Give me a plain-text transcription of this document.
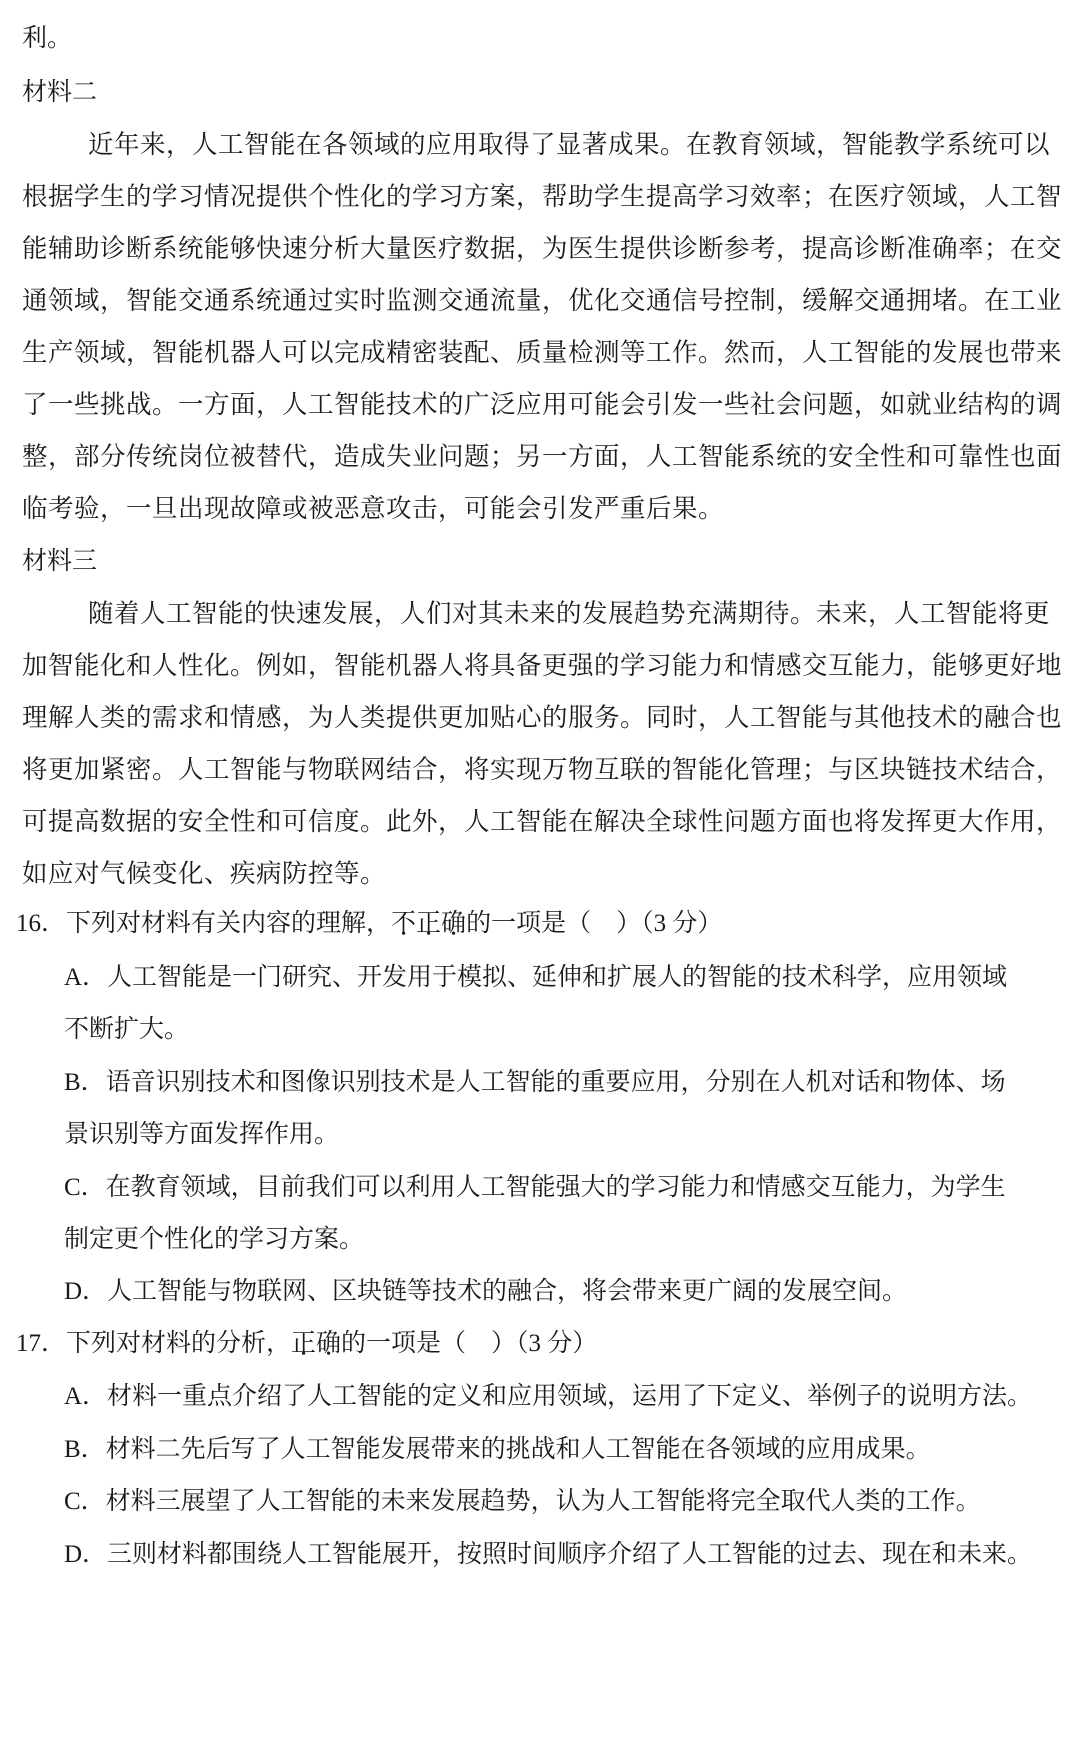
利。
材料二
近年来，人工智能在各领域的应用取得了显著成果。在教育领域，智能教学系统可以
根据学生的学习情况提供个性化的学习方案，帮助学生提高学习效率；在医疗领域，人工智
能辅助诊断系统能够快速分析大量医疗数据，为医生提供诊断参考，提高诊断准确率；在交
通领域，智能交通系统通过实时监测交通流量，优化交通信号控制，缓解交通拥堵。在工业
生产领域，智能机器人可以完成精密装配、质量检测等工作。然而，人工智能的发展也带来
了一些挑战。一方面，人工智能技术的广泛应用可能会引发一些社会问题，如就业结构的调
整，部分传统岗位被替代，造成失业问题；另一方面，人工智能系统的安全性和可靠性也面
临考验，一旦出现故障或被恶意攻击，可能会引发严重后果。
材料三
随着人工智能的快速发展，人们对其未来的发展趋势充满期待。未来，人工智能将更
加智能化和人性化。例如，智能机器人将具备更强的学习能力和情感交互能力，能够更好地
理解人类的需求和情感，为人类提供更加贴心的服务。同时，人工智能与其他技术的融合也
将更加紧密。人工智能与物联网结合，将实现万物互联的智能化管理；与区块链技术结合，
可提高数据的安全性和可信度。此外，人工智能在解决全球性问题方面也将发挥更大作用，
如应对气候变化、疾病防控等。
16．下列对材料有关内容的理解，不正确的一项是（　）（3 分）
A．人工智能是一门研究、开发用于模拟、延伸和扩展人的智能的技术科学，应用领域
不断扩大。
B．语音识别技术和图像识别技术是人工智能的重要应用，分别在人机对话和物体、场
景识别等方面发挥作用。
C．在教育领域，目前我们可以利用人工智能强大的学习能力和情感交互能力，为学生
制定更个性化的学习方案。
D．人工智能与物联网、区块链等技术的融合，将会带来更广阔的发展空间。
17．下列对材料的分析，正确的一项是（　）（3 分）
A．材料一重点介绍了人工智能的定义和应用领域，运用了下定义、举例子的说明方法。
B．材料二先后写了人工智能发展带来的挑战和人工智能在各领域的应用成果。
C．材料三展望了人工智能的未来发展趋势，认为人工智能将完全取代人类的工作。
D．三则材料都围绕人工智能展开，按照时间顺序介绍了人工智能的过去、现在和未来。
